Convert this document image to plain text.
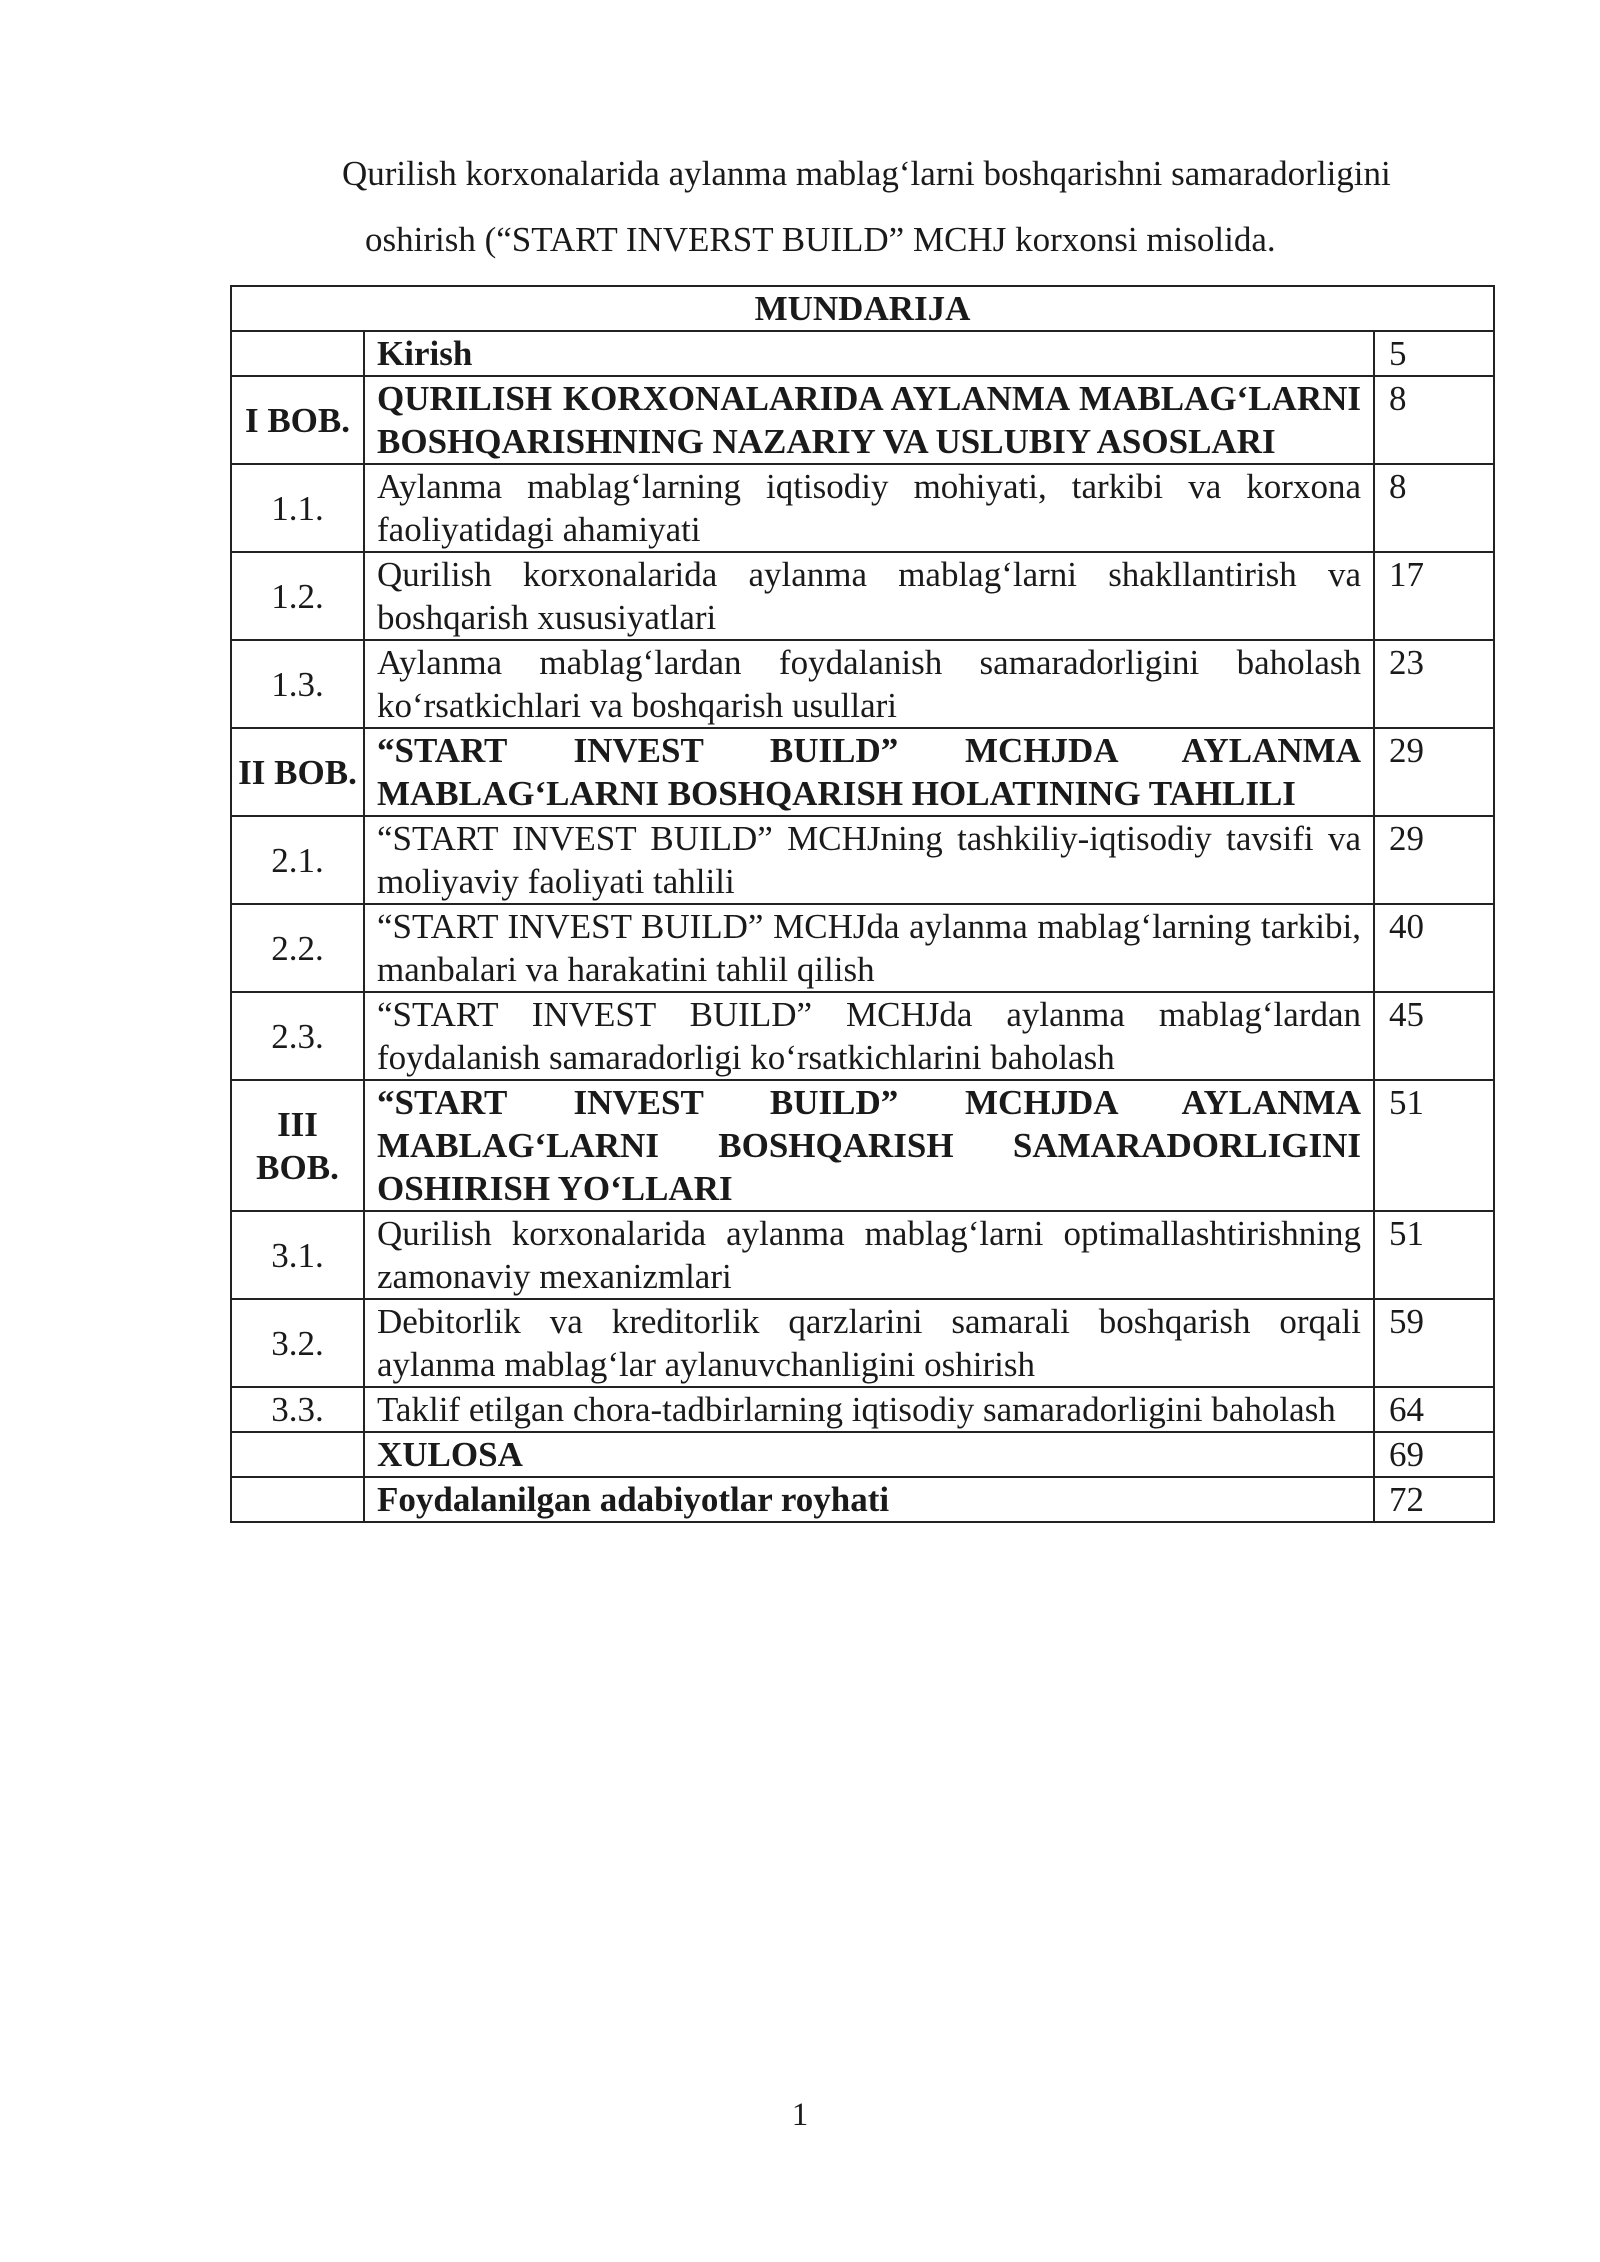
Qurilish korxonalarida aylanma mablag‘larni boshqarishni samaradorligini
oshirish (“START INVERST BUILD” MCHJ korxonsi misolida.
MUNDARIJA		
	Kirish	5
I BOB.	QURILISH KORXONALARIDA AYLANMA MABLAG‘LARNI BOSHQARISHNING NAZARIY VA USLUBIY ASOSLARI	8
1.1.	Aylanma mablag‘larning iqtisodiy mohiyati, tarkibi va korxona faoliyatidagi ahamiyati	8
1.2.	Qurilish korxonalarida aylanma mablag‘larni shakllantirish va boshqarish xususiyatlari	17
1.3.	Aylanma mablag‘lardan foydalanish samaradorligini baholash ko‘rsatkichlari va boshqarish usullari	23
II BOB.	“START INVEST BUILD” MCHJDA AYLANMA MABLAG‘LARNI BOSHQARISH HOLATINING TAHLILI	29
2.1.	“START INVEST BUILD” MCHJning tashkiliy-iqtisodiy tavsifi va moliyaviy faoliyati tahlili	29
2.2.	“START INVEST BUILD” MCHJda aylanma mablag‘larning tarkibi, manbalari va harakatini tahlil qilish	40
2.3.	“START INVEST BUILD” MCHJda aylanma mablag‘lardan foydalanish samaradorligi ko‘rsatkichlarini baholash	45
III BOB.	“START INVEST BUILD” MCHJDA AYLANMA MABLAG‘LARNI BOSHQARISH SAMARADORLIGINI OSHIRISH YO‘LLARI	51
3.1.	Qurilish korxonalarida aylanma mablag‘larni optimallashtirishning zamonaviy mexanizmlari	51
3.2.	Debitorlik va kreditorlik qarzlarini samarali boshqarish orqali aylanma mablag‘lar aylanuvchanligini oshirish	59
3.3.	Taklif etilgan chora-tadbirlarning iqtisodiy samaradorligini baholash	64
	XULOSA	69
	Foydalanilgan adabiyotlar royhati	72
1
